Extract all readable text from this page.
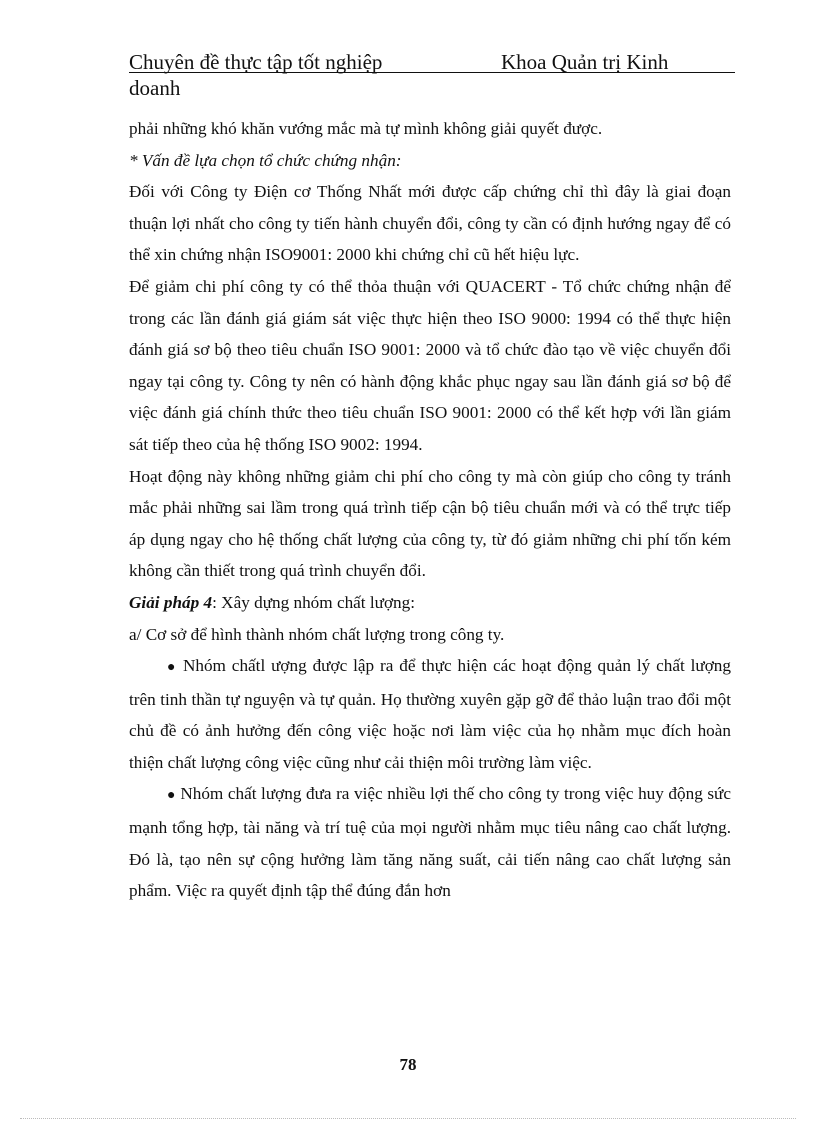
Chuyên đề thực tập tốt nghiệp	Khoa Quản trị Kinh
doanh

phải những khó khăn vướng mắc mà tự mình không giải quyết được.

* Vấn đề lựa chọn tổ chức chứng nhận:

Đối với Công ty Điện cơ Thống Nhất mới được cấp chứng chỉ thì đây là giai đoạn thuận lợi nhất cho công ty tiến hành chuyển đổi, công ty cần có định hướng ngay để có thể xin chứng nhận ISO9001: 2000 khi chứng chỉ cũ hết hiệu lực.

Để giảm chi phí công ty có thể thỏa thuận với QUACERT - Tổ chức chứng nhận để trong các lần đánh giá giám sát việc thực hiện theo ISO 9000: 1994 có thể thực hiện đánh giá sơ bộ theo tiêu chuẩn ISO 9001: 2000 và tổ chức đào tạo về việc chuyển đổi ngay tại công ty. Công ty nên có hành động khắc phục ngay sau lần đánh giá sơ bộ để việc đánh giá chính thức theo tiêu chuẩn ISO 9001: 2000 có thể kết hợp với lần giám sát tiếp theo của hệ thống ISO 9002: 1994.

Hoạt động này không những giảm chi phí cho công ty mà còn giúp cho công ty tránh mắc phải những sai lầm trong quá trình tiếp cận bộ tiêu chuẩn mới và có thể trực tiếp áp dụng ngay cho hệ thống chất lượng của công ty, từ đó giảm những chi phí tốn kém không cần thiết trong quá trình chuyển đổi.

Giải pháp 4: Xây dựng nhóm chất lượng:

a/ Cơ sở để hình thành nhóm chất lượng trong công ty.

● Nhóm chấtl ượng được lập ra để thực hiện các hoạt động quản lý chất lượng trên tinh thần tự nguyện và tự quản. Họ thường xuyên gặp gỡ để thảo luận trao đổi một chủ đề có ảnh hưởng đến công việc hoặc nơi làm việc của họ nhằm mục đích hoàn thiện chất lượng công việc cũng như cải thiện môi trường làm việc.

● Nhóm chất lượng đưa ra việc nhiều lợi thế cho công ty trong việc huy động sức mạnh tổng hợp, tài năng và trí tuệ của mọi người nhằm mục tiêu nâng cao chất lượng. Đó là, tạo nên sự cộng hưởng làm tăng năng suất, cải tiến nâng cao chất lượng sản phẩm. Việc ra quyết định tập thể đúng đắn hơn

78
